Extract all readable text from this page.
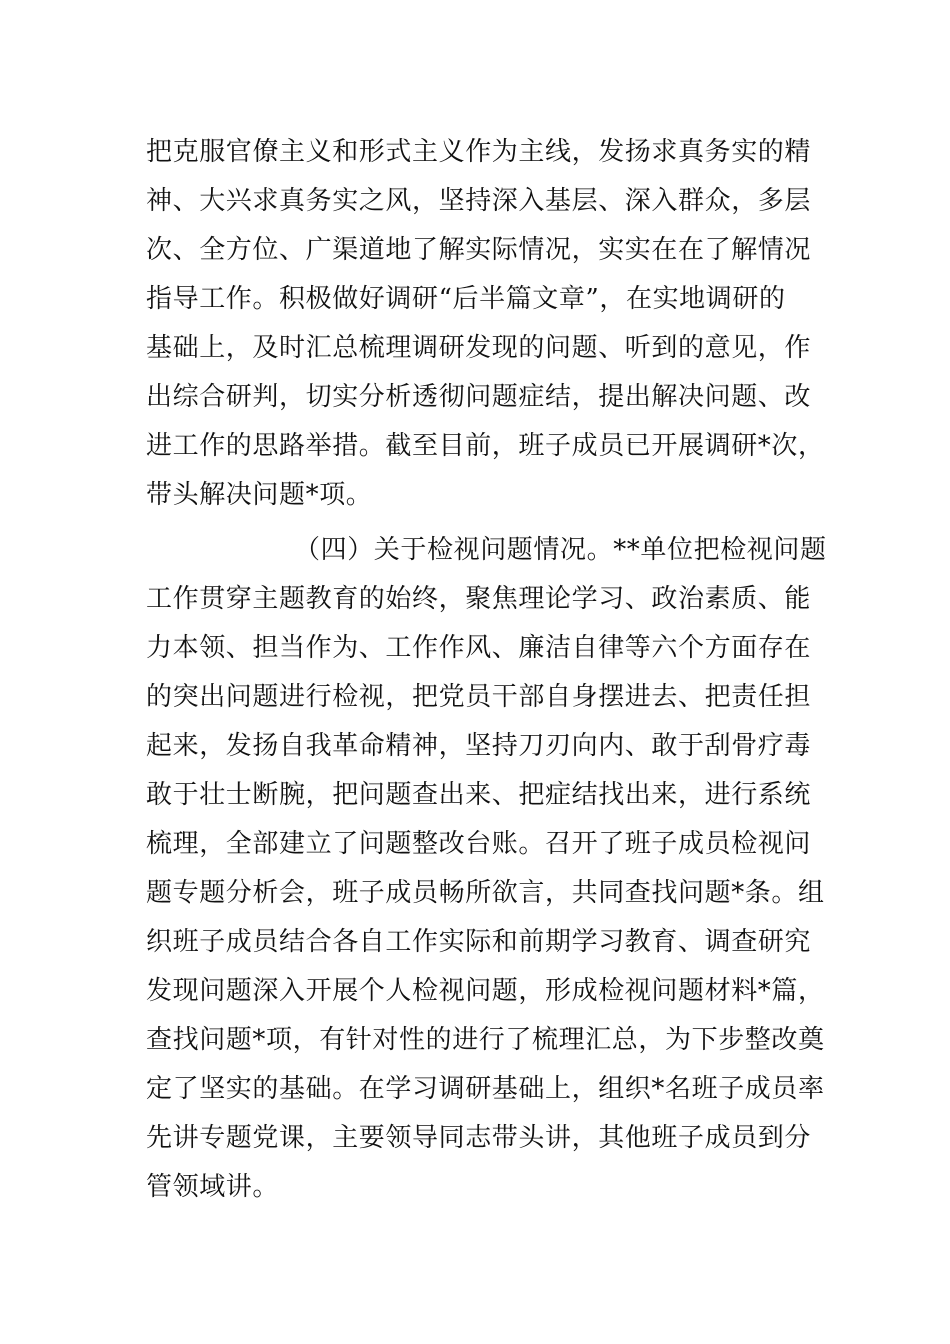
把克服官僚主义和形式主义作为主线，发扬求真务实的精
神、大兴求真务实之风，坚持深入基层、深入群众，多层
次、全方位、广渠道地了解实际情况，实实在在了解情况
指导工作。积极做好调研“后半篇文章”，在实地调研的
基础上，及时汇总梳理调研发现的问题、听到的意见，作
出综合研判，切实分析透彻问题症结，提出解决问题、改
进工作的思路举措。截至目前，班子成员已开展调研*次，
带头解决问题*项。
（四）关于检视问题情况。**单位把检视问题
工作贯穿主题教育的始终，聚焦理论学习、政治素质、能
力本领、担当作为、工作作风、廉洁自律等六个方面存在
的突出问题进行检视，把党员干部自身摆进去、把责任担
起来，发扬自我革命精神，坚持刀刃向内、敢于刮骨疗毒
敢于壮士断腕，把问题查出来、把症结找出来，进行系统
梳理，全部建立了问题整改台账。召开了班子成员检视问
题专题分析会，班子成员畅所欲言，共同查找问题*条。组
织班子成员结合各自工作实际和前期学习教育、调查研究
发现问题深入开展个人检视问题，形成检视问题材料*篇，
查找问题*项，有针对性的进行了梳理汇总，为下步整改奠
定了坚实的基础。在学习调研基础上，组织*名班子成员率
先讲专题党课，主要领导同志带头讲，其他班子成员到分
管领域讲。
